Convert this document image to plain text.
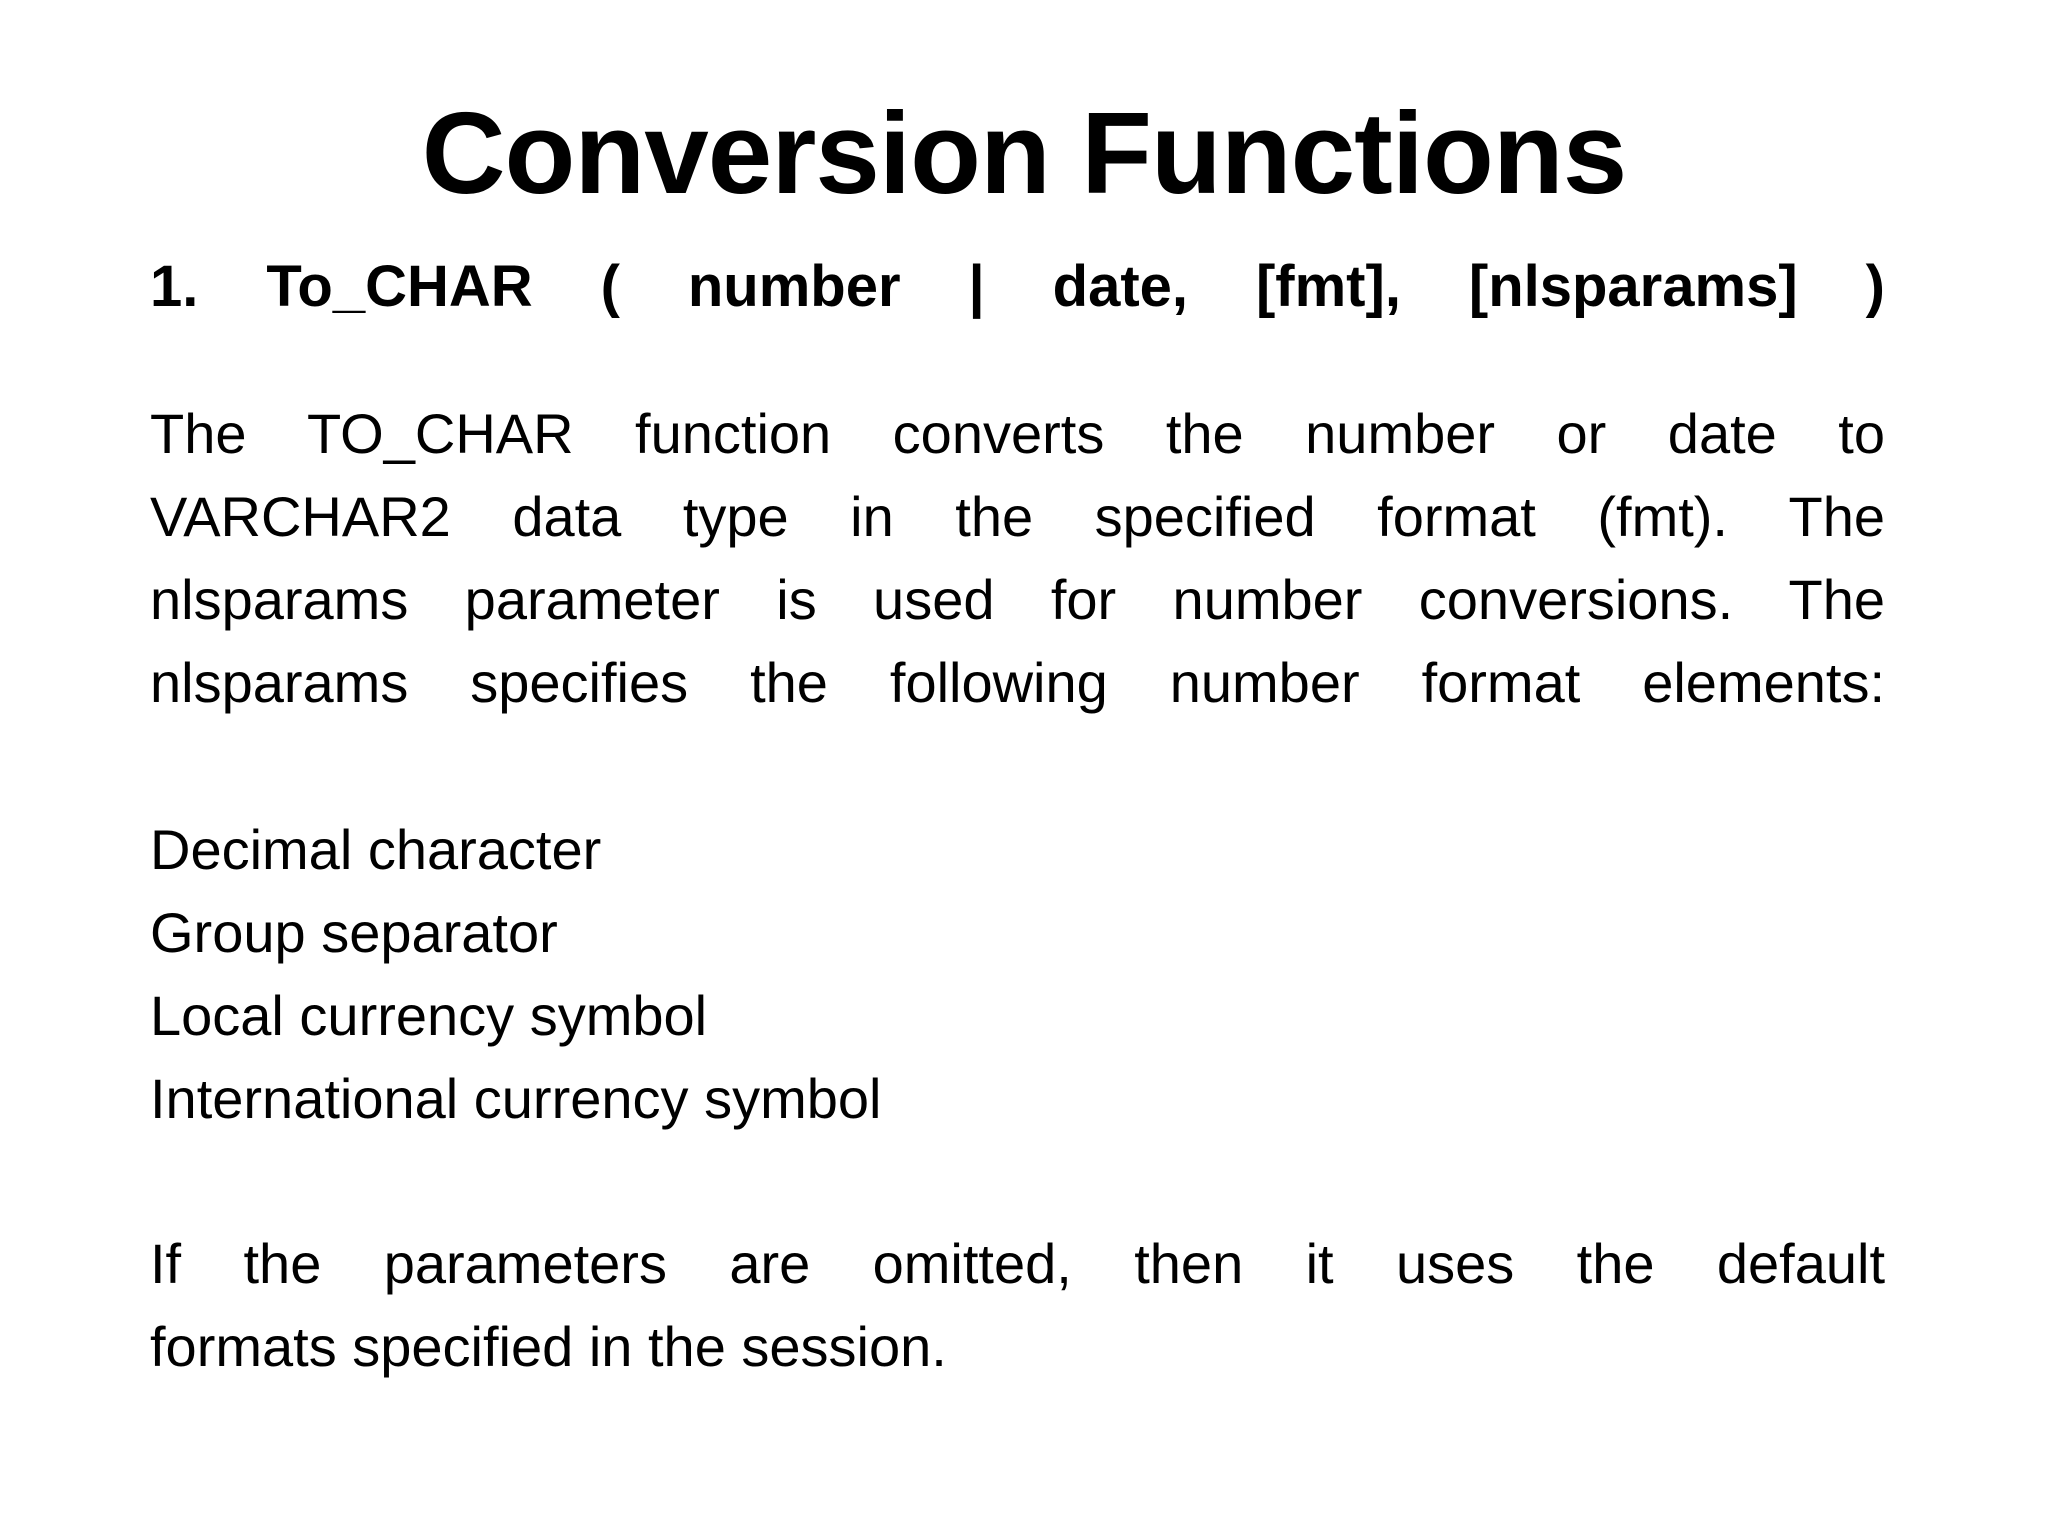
Conversion Functions
1. To_CHAR ( number | date, [fmt], [nlsparams] )
The TO_CHAR function converts the number or date to
VARCHAR2 data type in the specified format (fmt). The
nlsparams parameter is used for number conversions. The
nlsparams specifies the following number format elements:
Decimal character
Group separator
Local currency symbol
International currency symbol
If the parameters are omitted, then it uses the default
formats specified in the session.
